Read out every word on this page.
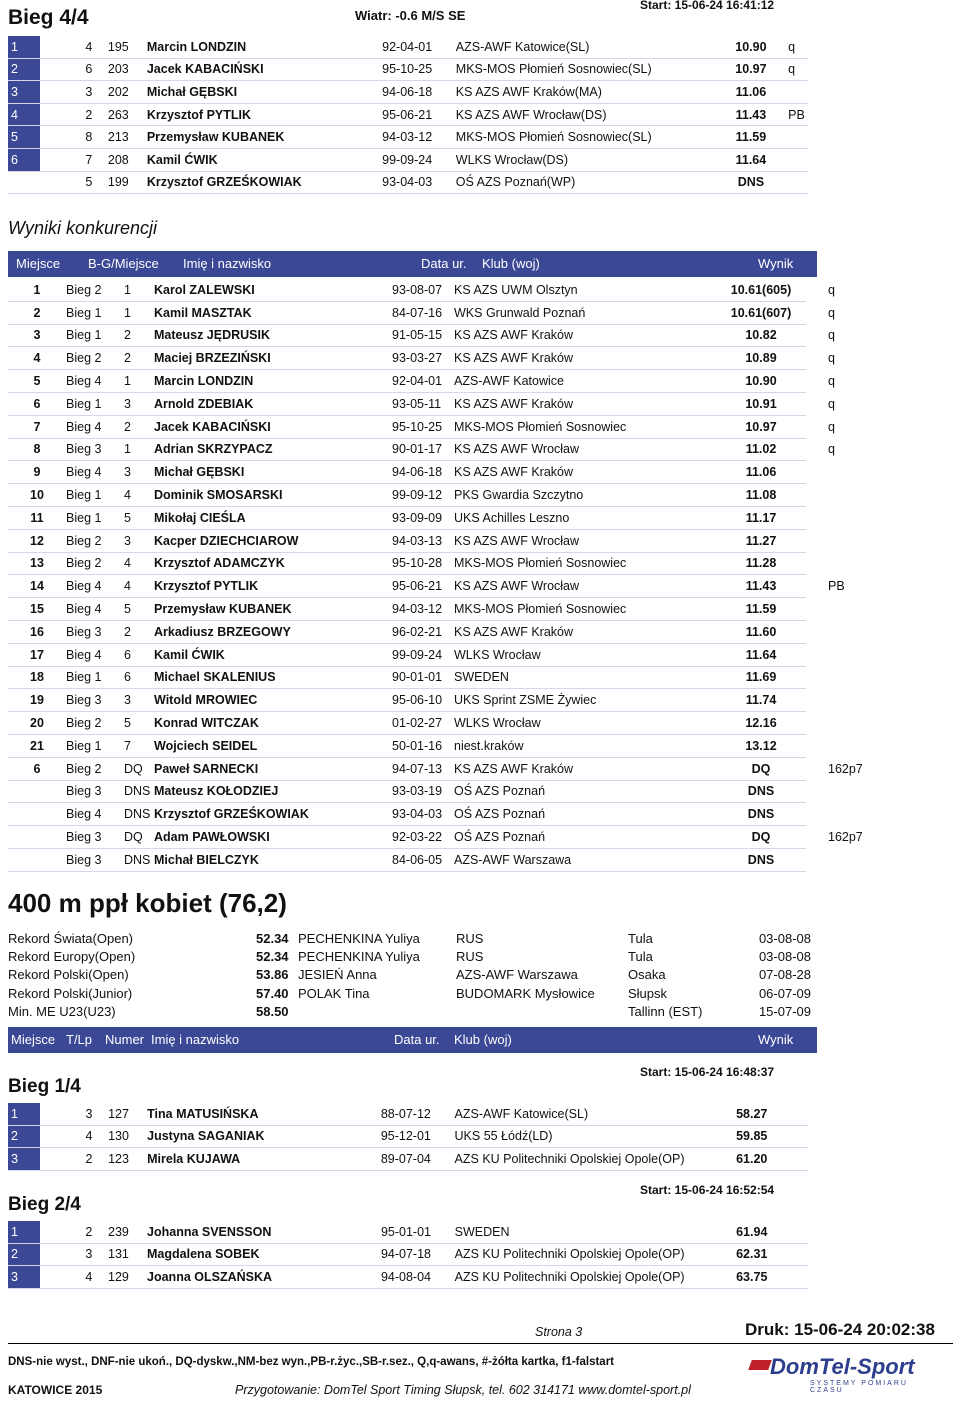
Bieg 4/4	Wiatr: -0.6 M/S SE
Start: 15-06-24 16:41:12
1	4	195	Marcin LONDZIN	92-04-01	AZS-AWF Katowice(SL)	10.90	q
2	6	203	Jacek KABACIŃSKI	95-10-25	MKS-MOS Płomień Sosnowiec(SL)	10.97	q
3	3	202	Michał GĘBSKI	94-06-18	KS AZS AWF Kraków(MA)	11.06	
4	2	263	Krzysztof PYTLIK	95-06-21	KS AZS AWF Wrocław(DS)	11.43	PB
5	8	213	Przemysław KUBANEK	94-03-12	MKS-MOS Płomień Sosnowiec(SL)	11.59	
6	7	208	Kamil ĆWIK	99-09-24	WLKS Wrocław(DS)	11.64	
	5	199	Krzysztof GRZEŚKOWIAK	93-04-03	OŚ AZS Poznań(WP)	DNS	
Wyniki konkurencji
Miejsce B-G/Miejsce Imię i nazwisko	Data ur. Klub (woj)	Wynik
1	Bieg 2	1	Karol ZALEWSKI	93-08-07	KS AZS UWM Olsztyn	10.61(605)	q
2	Bieg 1	1	Kamil MASZTAK	84-07-16	WKS Grunwald Poznań	10.61(607)	q
3	Bieg 1	2	Mateusz JĘDRUSIK	91-05-15	KS AZS AWF Kraków	10.82	q
4	Bieg 2	2	Maciej BRZEZIŃSKI	93-03-27	KS AZS AWF Kraków	10.89	q
5	Bieg 4	1	Marcin LONDZIN	92-04-01	AZS-AWF Katowice	10.90	q
6	Bieg 1	3	Arnold ZDEBIAK	93-05-11	KS AZS AWF Kraków	10.91	q
7	Bieg 4	2	Jacek KABACIŃSKI	95-10-25	MKS-MOS Płomień Sosnowiec	10.97	q
8	Bieg 3	1	Adrian SKRZYPACZ	90-01-17	KS AZS AWF Wrocław	11.02	q
9	Bieg 4	3	Michał GĘBSKI	94-06-18	KS AZS AWF Kraków	11.06	
10	Bieg 1	4	Dominik SMOSARSKI	99-09-12	PKS Gwardia Szczytno	11.08	
11	Bieg 1	5	Mikołaj CIEŚLA	93-09-09	UKS Achilles Leszno	11.17	
12	Bieg 2	3	Kacper DZIECHCIAROW	94-03-13	KS AZS AWF Wrocław	11.27	
13	Bieg 2	4	Krzysztof ADAMCZYK	95-10-28	MKS-MOS Płomień Sosnowiec	11.28	
14	Bieg 4	4	Krzysztof PYTLIK	95-06-21	KS AZS AWF Wrocław	11.43	PB
15	Bieg 4	5	Przemysław KUBANEK	94-03-12	MKS-MOS Płomień Sosnowiec	11.59	
16	Bieg 3	2	Arkadiusz BRZEGOWY	96-02-21	KS AZS AWF Kraków	11.60	
17	Bieg 4	6	Kamil ĆWIK	99-09-24	WLKS Wrocław	11.64	
18	Bieg 1	6	Michael SKALENIUS	90-01-01	SWEDEN	11.69	
19	Bieg 3	3	Witold MROWIEC	95-06-10	UKS Sprint ZSME Żywiec	11.74	
20	Bieg 2	5	Konrad WITCZAK	01-02-27	WLKS Wrocław	12.16	
21	Bieg 1	7	Wojciech SEIDEL	50-01-16	niest.kraków	13.12	
6	Bieg 2	DQ	Paweł SARNECKI	94-07-13	KS AZS AWF Kraków	DQ	162p7
	Bieg 3	DNS	Mateusz KOŁODZIEJ	93-03-19	OŚ AZS Poznań	DNS	
	Bieg 4	DNS	Krzysztof GRZEŚKOWIAK	93-04-03	OŚ AZS Poznań	DNS	
	Bieg 3	DQ	Adam PAWŁOWSKI	92-03-22	OŚ AZS Poznań	DQ	162p7
	Bieg 3	DNS	Michał BIELCZYK	84-06-05	AZS-AWF Warszawa	DNS	
400 m ppł kobiet (76,2)
Rekord Świata(Open)	52.34	PECHENKINA Yuliya	RUS	Tula	03-08-08
Rekord Europy(Open)	52.34	PECHENKINA Yuliya	RUS	Tula	03-08-08
Rekord Polski(Open)	53.86	JESIEŃ Anna	AZS-AWF Warszawa	Osaka	07-08-28
Rekord Polski(Junior)	57.40	POLAK Tina	BUDOMARK Mysłowice	Słupsk	06-07-09
Min. ME U23(U23)	58.50			Tallinn (EST)	15-07-09
Miejsce T/Lp Numer Imię i nazwisko	Data ur. Klub (woj)	Wynik
Bieg 1/4
Start: 15-06-24 16:48:37
1	3	127	Tina MATUSIŃSKA	88-07-12	AZS-AWF Katowice(SL)	58.27	
2	4	130	Justyna SAGANIAK	95-12-01	UKS 55 Łódź(LD)	59.85	
3	2	123	Mirela KUJAWA	89-07-04	AZS KU Politechniki Opolskiej Opole(OP)	61.20	
Bieg 2/4
Start: 15-06-24 16:52:54
1	2	239	Johanna SVENSSON	95-01-01	SWEDEN	61.94	
2	3	131	Magdalena SOBEK	94-07-18	AZS KU Politechniki Opolskiej Opole(OP)	62.31	
3	4	129	Joanna OLSZAŃSKA	94-08-04	AZS KU Politechniki Opolskiej Opole(OP)	63.75	
Strona 3	Druk: 15-06-24 20:02:38
DNS-nie wyst., DNF-nie ukoń., DQ-dyskw.,NM-bez wyn.,PB-r.życ.,SB-r.sez., Q,q-awans, #-żółta kartka, f1-falstart
KATOWICE 2015	Przygotowanie: DomTel Sport Timing Słupsk, tel. 602 314171 www.domtel-sport.pl
DomTel-Sport
SYSTEMY POMIARU CZASU
